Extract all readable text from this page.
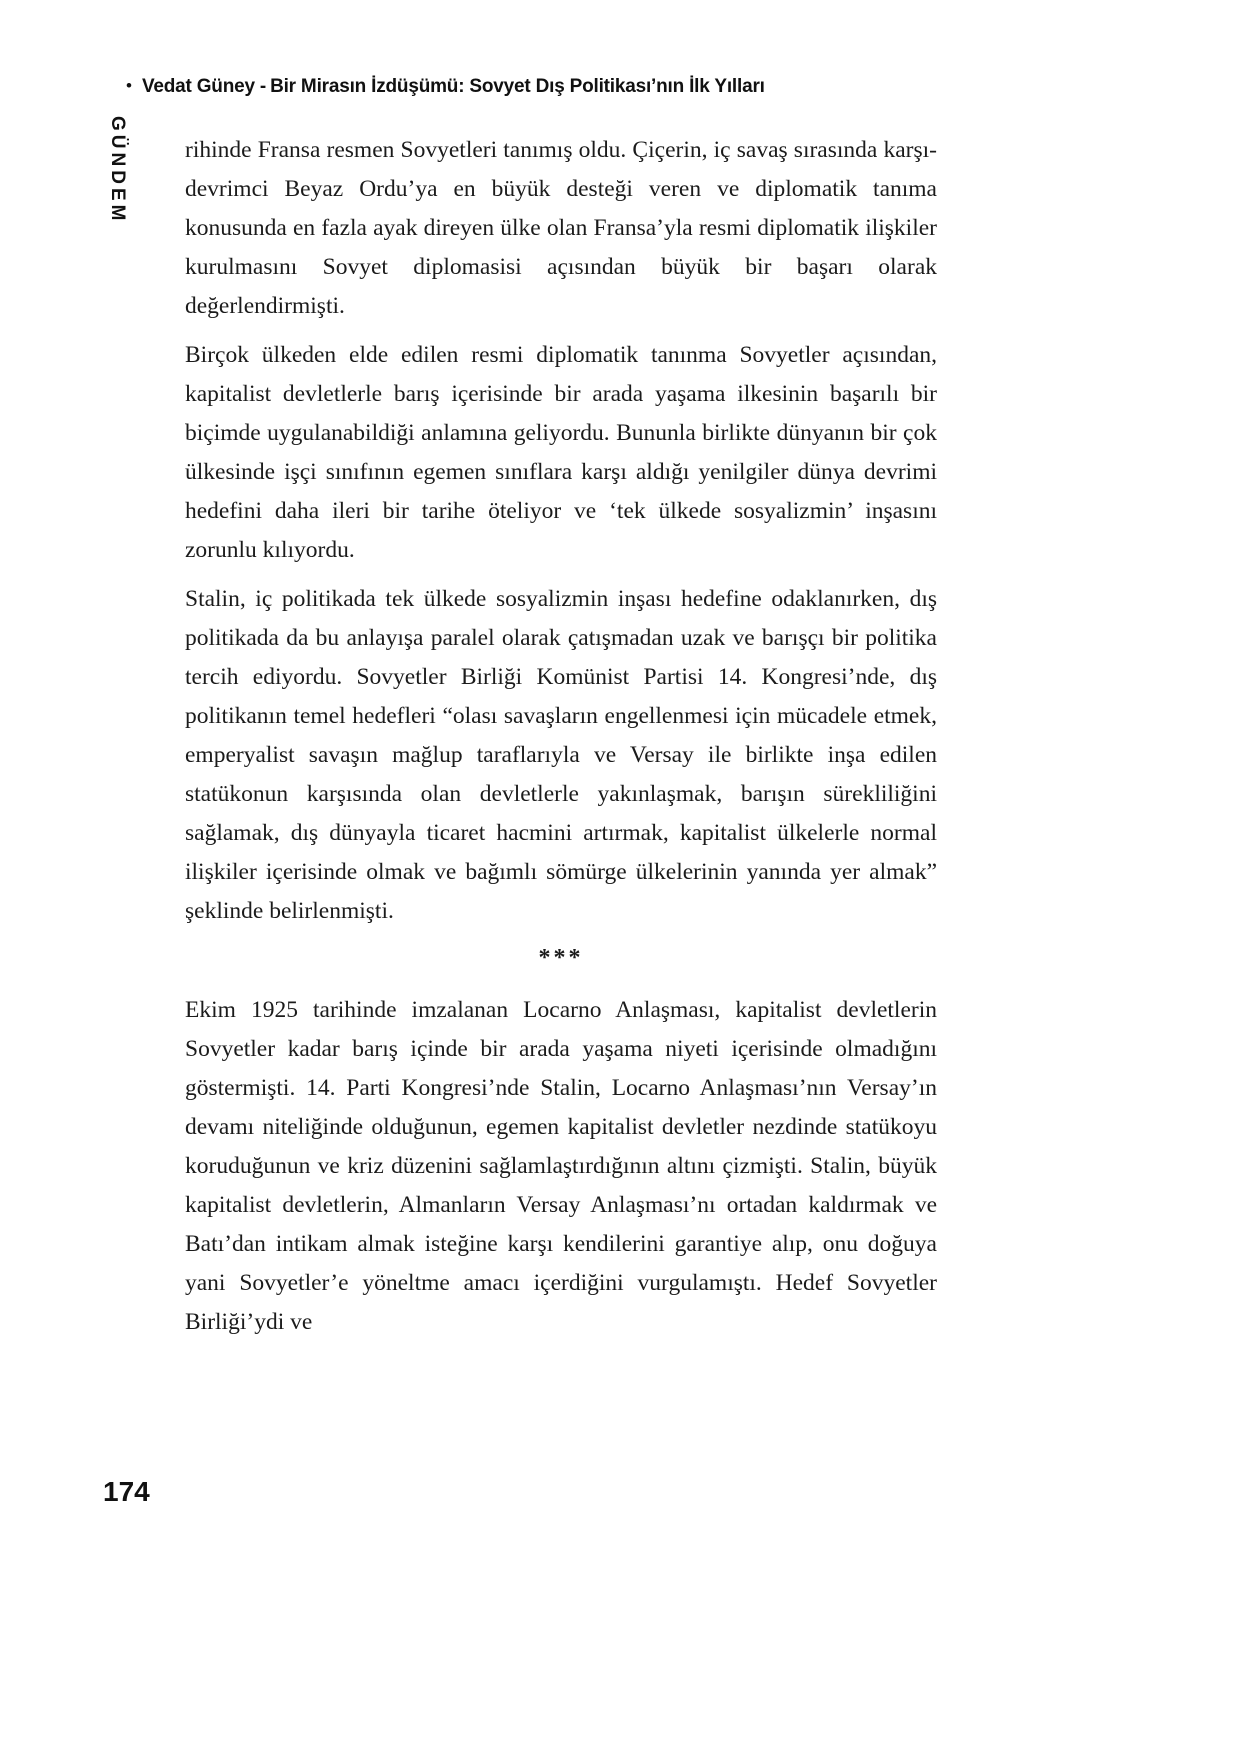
• Vedat Güney - Bir Mirasın İzdüşümü: Sovyet Dış Politikası’nın İlk Yılları
GÜNDEM rihinde Fransa resmen Sovyetleri tanımış oldu. Çiçerin, iç savaş sırasında karşı-devrimci Beyaz Ordu’ya en büyük desteği veren ve diplomatik tanıma konusunda en fazla ayak direyen ülke olan Fransa’yla resmi diplomatik ilişkiler kurulmasını Sovyet diplomasisi açısından büyük bir başarı olarak değerlendirmişti.

Birçok ülkeden elde edilen resmi diplomatik tanınma Sovyetler açısından, kapitalist devletlerle barış içerisinde bir arada yaşama ilkesinin başarılı bir biçimde uygulanabildiği anlamına geliyordu. Bununla birlikte dünyanın bir çok ülkesinde işçi sınıfının egemen sınıflara karşı aldığı yenilgiler dünya devrimi hedefini daha ileri bir tarihe öteliyor ve ‘tek ülkede sosyalizmin’ inşasını zorunlu kılıyordu.

Stalin, iç politikada tek ülkede sosyalizmin inşası hedefine odaklanırken, dış politikada da bu anlayışa paralel olarak çatışmadan uzak ve barışçı bir politika tercih ediyordu. Sovyetler Birliği Komünist Partisi 14. Kongresi’nde, dış politikanın temel hedefleri “olası savaşların engellenmesi için mücadele etmek, emperyalist savaşın mağlup taraflarıyla ve Versay ile birlikte inşa edilen statükonun karşısında olan devletlerle yakınlaşmak, barışın sürekliliğini sağlamak, dış dünyayla ticaret hacmini artırmak, kapitalist ülkelerle normal ilişkiler içerisinde olmak ve bağımlı sömürge ülkelerinin yanında yer almak” şeklinde belirlenmişti.

***

Ekim 1925 tarihinde imzalanan Locarno Anlaşması, kapitalist devletlerin Sovyetler kadar barış içinde bir arada yaşama niyeti içerisinde olmadığını göstermişti. 14. Parti Kongresi’nde Stalin, Locarno Anlaşması’nın Versay’ın devamı niteliğinde olduğunun, egemen kapitalist devletler nezdinde statükoyu koruduğunun ve kriz düzenini sağlamlaştırdığının altını çizmişti. Stalin, büyük kapitalist devletlerin, Almanların Versay Anlaşması’nı ortadan kaldırmak ve Batı’dan intikam almak isteğine karşı kendilerini garantiye alıp, onu doğuya yani Sovyetler’e yöneltme amacı içerdiğini vurgulamıştı. Hedef Sovyetler Birliği’ydi ve

174
